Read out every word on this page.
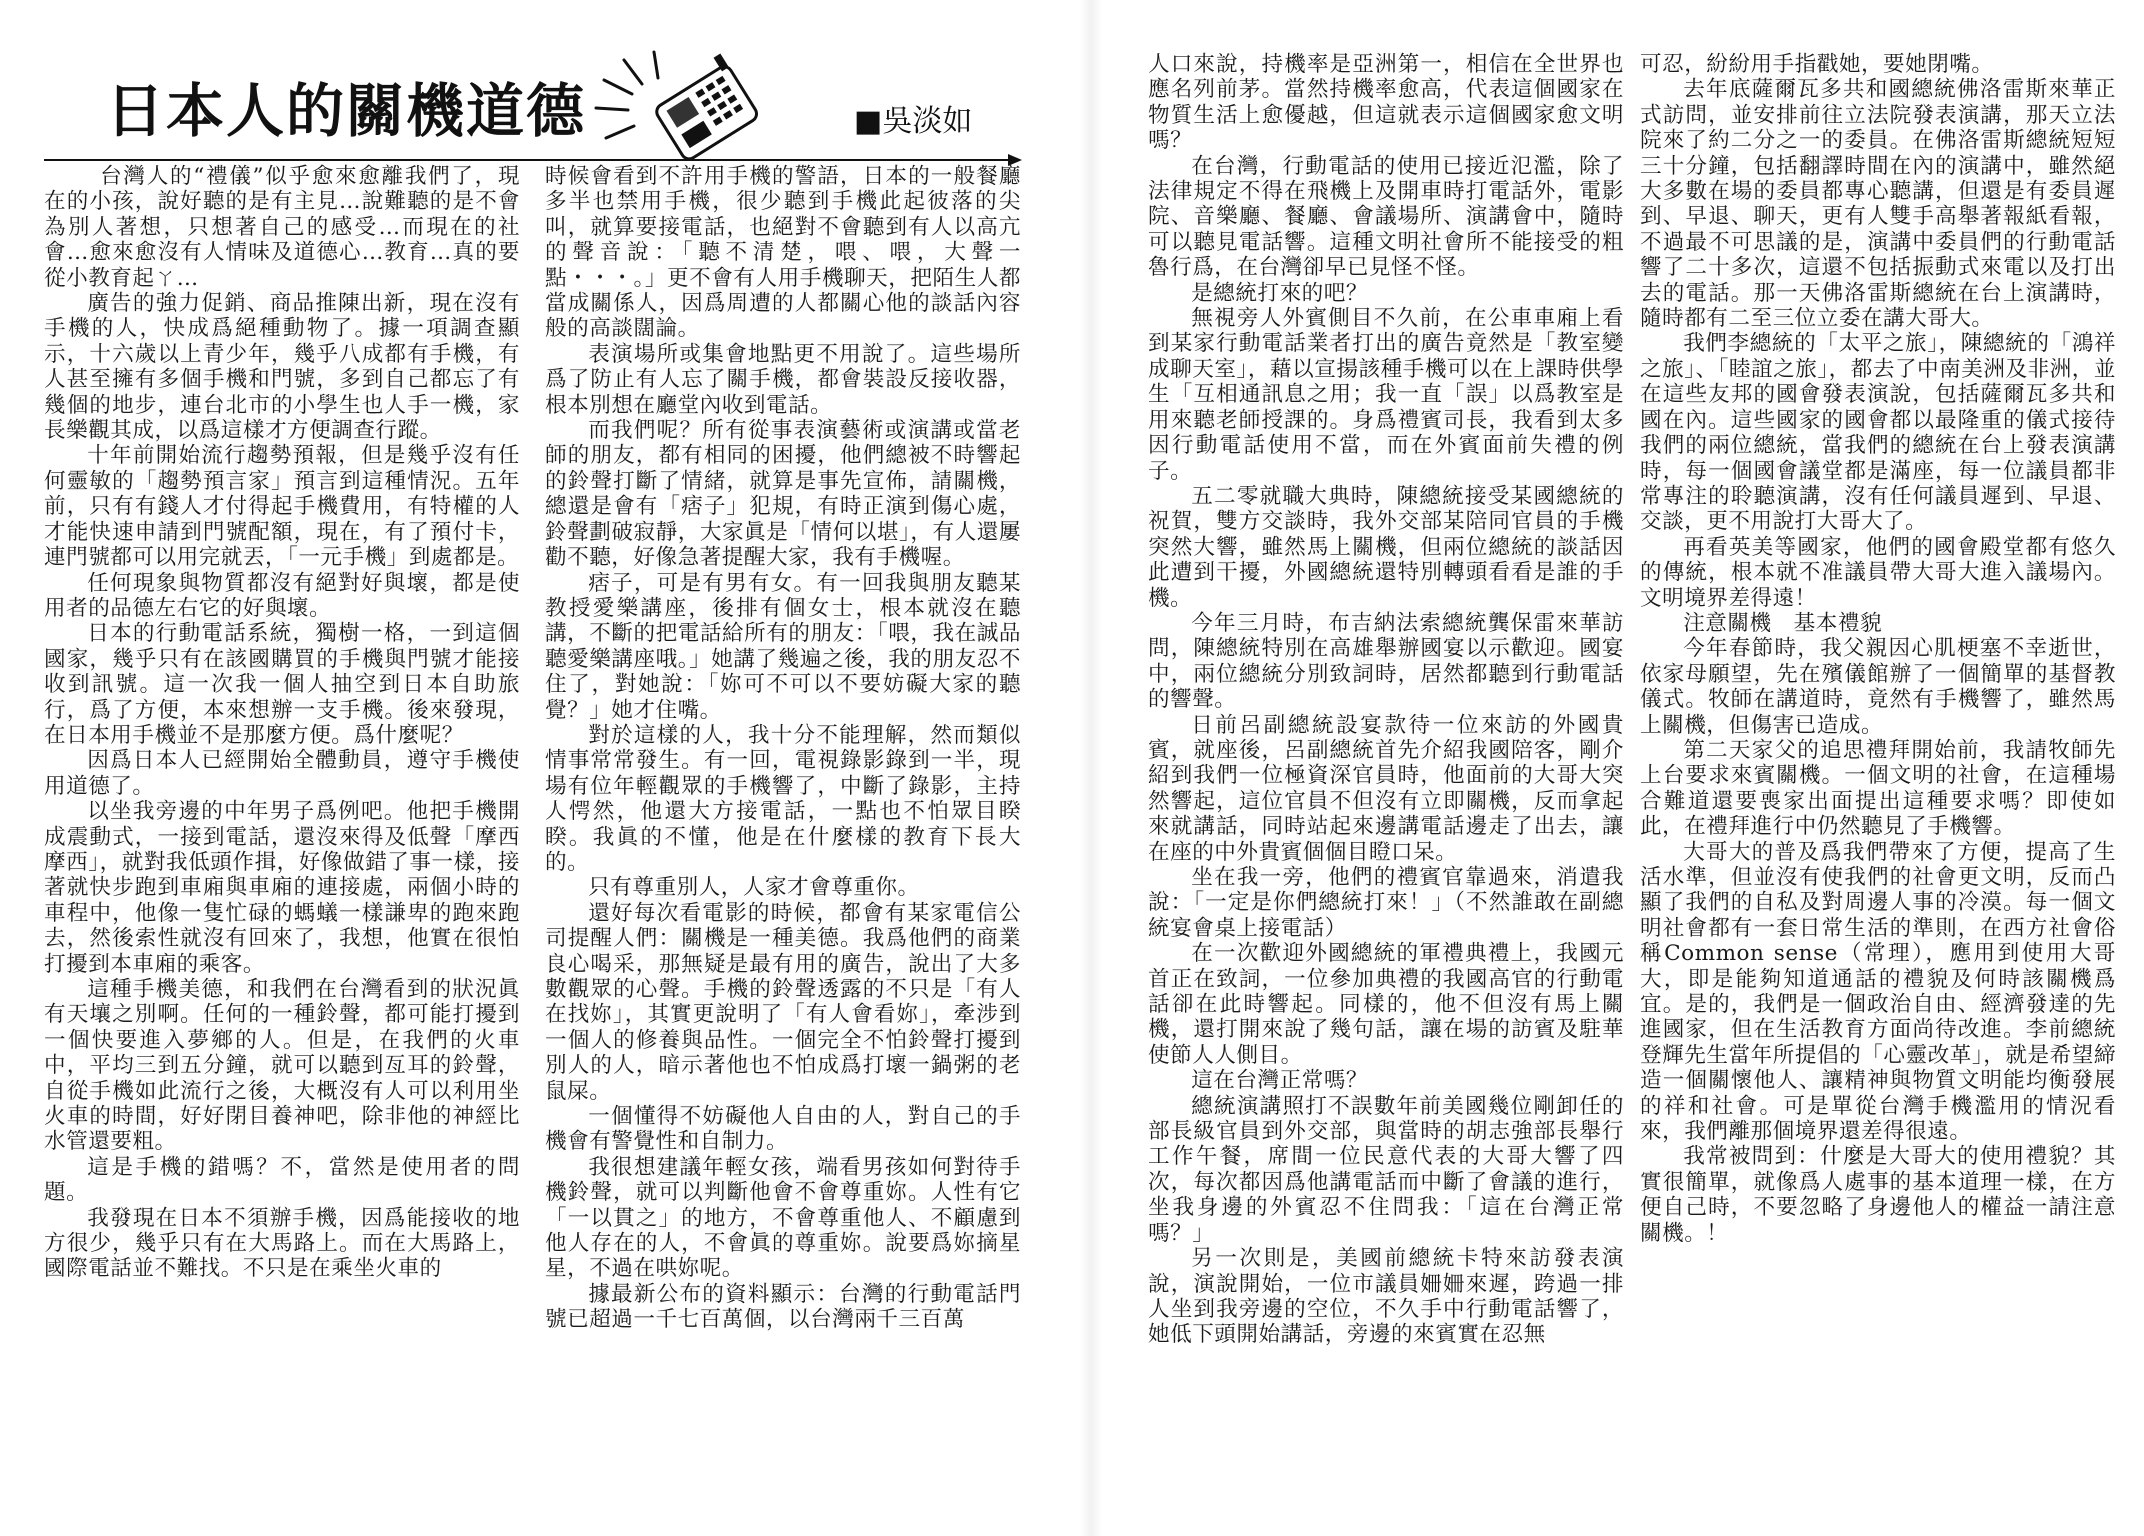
日本人的關機道德	■吳淡如

台灣人的“禮儀”似乎愈來愈離我們了，現在的小孩，說好聽的是有主見…說難聽的是不會為別人著想，只想著自己的感受…而現在的社會…愈來愈沒有人情味及道德心…教育…真的要從小教育起ㄚ…

廣告的強力促銷、商品推陳出新，現在沒有手機的人，快成爲絕種動物了。據一項調查顯示，十六歲以上青少年，幾乎八成都有手機，有人甚至擁有多個手機和門號，多到自己都忘了有幾個的地步，連台北市的小學生也人手一機，家長樂觀其成，以爲這樣才方便調查行蹤。

十年前開始流行趨勢預報，但是幾乎沒有任何靈敏的「趨勢預言家」預言到這種情況。五年前，只有有錢人才付得起手機費用，有特權的人才能快速申請到門號配額，現在，有了預付卡，連門號都可以用完就丟，「一元手機」到處都是。

任何現象與物質都沒有絕對好與壞，都是使用者的品德左右它的好與壞。

日本的行動電話系統，獨樹一格，一到這個國家，幾乎只有在該國購買的手機與門號才能接收到訊號。這一次我一個人抽空到日本自助旅行，爲了方便，本來想辦一支手機。後來發現，在日本用手機並不是那麼方便。爲什麼呢？

因爲日本人已經開始全體動員，遵守手機使用道德了。

以坐我旁邊的中年男子爲例吧。他把手機開成震動式，一接到電話，還沒來得及低聲「摩西摩西」，就對我低頭作揖，好像做錯了事一樣，接著就快步跑到車廂與車廂的連接處，兩個小時的車程中，他像一隻忙碌的螞蟻一樣謙卑的跑來跑去，然後索性就沒有回來了，我想，他實在很怕打擾到本車廂的乘客。

這種手機美德，和我們在台灣看到的狀況眞有天壤之別啊。任何的一種鈴聲，都可能打擾到一個快要進入夢鄉的人。但是，在我們的火車中，平均三到五分鐘，就可以聽到亙耳的鈴聲，自從手機如此流行之後，大概沒有人可以利用坐火車的時間，好好閉目養神吧，除非他的神經比水管還要粗。

這是手機的錯嗎？不，當然是使用者的問題。

我發現在日本不須辦手機，因爲能接收的地方很少，幾乎只有在大馬路上。而在大馬路上，國際電話並不難找。不只是在乘坐火車的

時候會看到不許用手機的警語，日本的一般餐廳多半也禁用手機，很少聽到手機此起彼落的尖叫，就算要接電話，也絕對不會聽到有人以高亢的聲音說：「聽不清楚，喂、喂，大聲一點・・・。」更不會有人用手機聊天，把陌生人都當成關係人，因爲周遭的人都關心他的談話內容般的高談闊論。

表演場所或集會地點更不用說了。這些場所爲了防止有人忘了關手機，都會裝設反接收器，根本別想在廳堂內收到電話。

而我們呢？所有從事表演藝術或演講或當老師的朋友，都有相同的困擾，他們總被不時響起的鈴聲打斷了情緒，就算是事先宣佈，請關機，總還是會有「痞子」犯規，有時正演到傷心處，鈴聲劃破寂靜，大家眞是「情何以堪」，有人還屢勸不聽，好像急著提醒大家，我有手機喔。

痞子，可是有男有女。有一回我與朋友聽某教授愛樂講座，後排有個女士，根本就沒在聽講，不斷的把電話給所有的朋友：「喂，我在誠品聽愛樂講座哦。」她講了幾遍之後，我的朋友忍不住了，對她說：「妳可不可以不要妨礙大家的聽覺？」她才住嘴。

對於這樣的人，我十分不能理解，然而類似情事常常發生。有一回，電視錄影錄到一半，現場有位年輕觀眾的手機響了，中斷了錄影，主持人愕然，他還大方接電話，一點也不怕眾目睽睽。我眞的不懂，他是在什麼樣的教育下長大的。

只有尊重別人，人家才會尊重你。

還好每次看電影的時候，都會有某家電信公司提醒人們：關機是一種美德。我爲他們的商業良心喝采，那無疑是最有用的廣告，說出了大多數觀眾的心聲。手機的鈴聲透露的不只是「有人在找妳」，其實更說明了「有人會看妳」，牽涉到一個人的修養與品性。一個完全不怕鈴聲打擾到別人的人，暗示著他也不怕成爲打壞一鍋粥的老鼠屎。

一個懂得不妨礙他人自由的人，對自己的手機會有警覺性和自制力。

我很想建議年輕女孩，端看男孩如何對待手機鈴聲，就可以判斷他會不會尊重妳。人性有它「一以貫之」的地方，不會尊重他人、不顧慮到他人存在的人，不會眞的尊重妳。說要爲妳摘星星，不過在哄妳呢。

據最新公布的資料顯示：台灣的行動電話門號已超過一千七百萬個，以台灣兩千三百萬

人口來說，持機率是亞洲第一，相信在全世界也應名列前茅。當然持機率愈高，代表這個國家在物質生活上愈優越，但這就表示這個國家愈文明嗎？

在台灣，行動電話的使用已接近氾濫，除了法律規定不得在飛機上及開車時打電話外，電影院、音樂廳、餐廳、會議場所、演講會中，隨時可以聽見電話響。這種文明社會所不能接受的粗魯行爲，在台灣卻早已見怪不怪。

是總統打來的吧？

無視旁人外賓側目不久前，在公車車廂上看到某家行動電話業者打出的廣告竟然是「教室變成聊天室」，藉以宣揚該種手機可以在上課時供學生「互相通訊息之用；我一直「誤」以爲教室是用來聽老師授課的。身爲禮賓司長，我看到太多因行動電話使用不當，而在外賓面前失禮的例子。

五二零就職大典時，陳總統接受某國總統的祝賀，雙方交談時，我外交部某陪同官員的手機突然大響，雖然馬上關機，但兩位總統的談話因此遭到干擾，外國總統還特別轉頭看看是誰的手機。

今年三月時，布吉納法索總統龔保雷來華訪問，陳總統特別在高雄舉辦國宴以示歡迎。國宴中，兩位總統分別致詞時，居然都聽到行動電話的響聲。

日前呂副總統設宴款待一位來訪的外國貴賓，就座後，呂副總統首先介紹我國陪客，剛介紹到我們一位極資深官員時，他面前的大哥大突然響起，這位官員不但沒有立即關機，反而拿起來就講話，同時站起來邊講電話邊走了出去，讓在座的中外貴賓個個目瞪口呆。

坐在我一旁，他們的禮賓官靠過來，消遣我說：「一定是你們總統打來！」（不然誰敢在副總統宴會桌上接電話）

在一次歡迎外國總統的軍禮典禮上，我國元首正在致詞，一位參加典禮的我國高官的行動電話卻在此時響起。同樣的，他不但沒有馬上關機，還打開來說了幾句話，讓在場的訪賓及駐華使節人人側目。

這在台灣正常嗎？

總統演講照打不誤數年前美國幾位剛卸任的部長級官員到外交部，與當時的胡志強部長舉行工作午餐，席間一位民意代表的大哥大響了四次，每次都因爲他講電話而中斷了會議的進行，坐我身邊的外賓忍不住問我：「這在台灣正常嗎？」

另一次則是，美國前總統卡特來訪發表演說，演說開始，一位市議員姍姍來遲，跨過一排人坐到我旁邊的空位，不久手中行動電話響了，她低下頭開始講話，旁邊的來賓實在忍無

可忍，紛紛用手指戳她，要她閉嘴。

去年底薩爾瓦多共和國總統佛洛雷斯來華正式訪問，並安排前往立法院發表演講，那天立法院來了約二分之一的委員。在佛洛雷斯總統短短三十分鐘，包括翻譯時間在內的演講中，雖然絕大多數在場的委員都專心聽講，但還是有委員遲到、早退、聊天，更有人雙手高舉著報紙看報，不過最不可思議的是，演講中委員們的行動電話響了二十多次，這還不包括振動式來電以及打出去的電話。那一天佛洛雷斯總統在台上演講時，隨時都有二至三位立委在講大哥大。

我們李總統的「太平之旅」，陳總統的「鴻祥之旅」、「睦誼之旅」，都去了中南美洲及非洲，並在這些友邦的國會發表演說，包括薩爾瓦多共和國在內。這些國家的國會都以最隆重的儀式接待我們的兩位總統，當我們的總統在台上發表演講時，每一個國會議堂都是滿座，每一位議員都非常專注的聆聽演講，沒有任何議員遲到、早退、交談，更不用說打大哥大了。

再看英美等國家，他們的國會殿堂都有悠久的傳統，根本就不准議員帶大哥大進入議場內。文明境界差得遠！

注意關機　基本禮貌

今年春節時，我父親因心肌梗塞不幸逝世，依家母願望，先在殯儀館辦了一個簡單的基督教儀式。牧師在講道時，竟然有手機響了，雖然馬上關機，但傷害已造成。

第二天家父的追思禮拜開始前，我請牧師先上台要求來賓關機。一個文明的社會，在這種場合難道還要喪家出面提出這種要求嗎？即使如此，在禮拜進行中仍然聽見了手機響。

大哥大的普及爲我們帶來了方便，提高了生活水準，但並沒有使我們的社會更文明，反而凸顯了我們的自私及對周邊人事的冷漠。每一個文明社會都有一套日常生活的準則，在西方社會俗稱Common sense（常理），應用到使用大哥大，即是能夠知道通話的禮貌及何時該關機爲宜。是的，我們是一個政治自由、經濟發達的先進國家，但在生活教育方面尚待改進。李前總統登輝先生當年所提倡的「心靈改革」，就是希望締造一個關懷他人、讓精神與物質文明能均衡發展的祥和社會。可是單從台灣手機濫用的情況看來，我們離那個境界還差得很遠。

我常被問到：什麼是大哥大的使用禮貌？其實很簡單，就像爲人處事的基本道理一樣，在方便自己時，不要忽略了身邊他人的權益一請注意關機。！
